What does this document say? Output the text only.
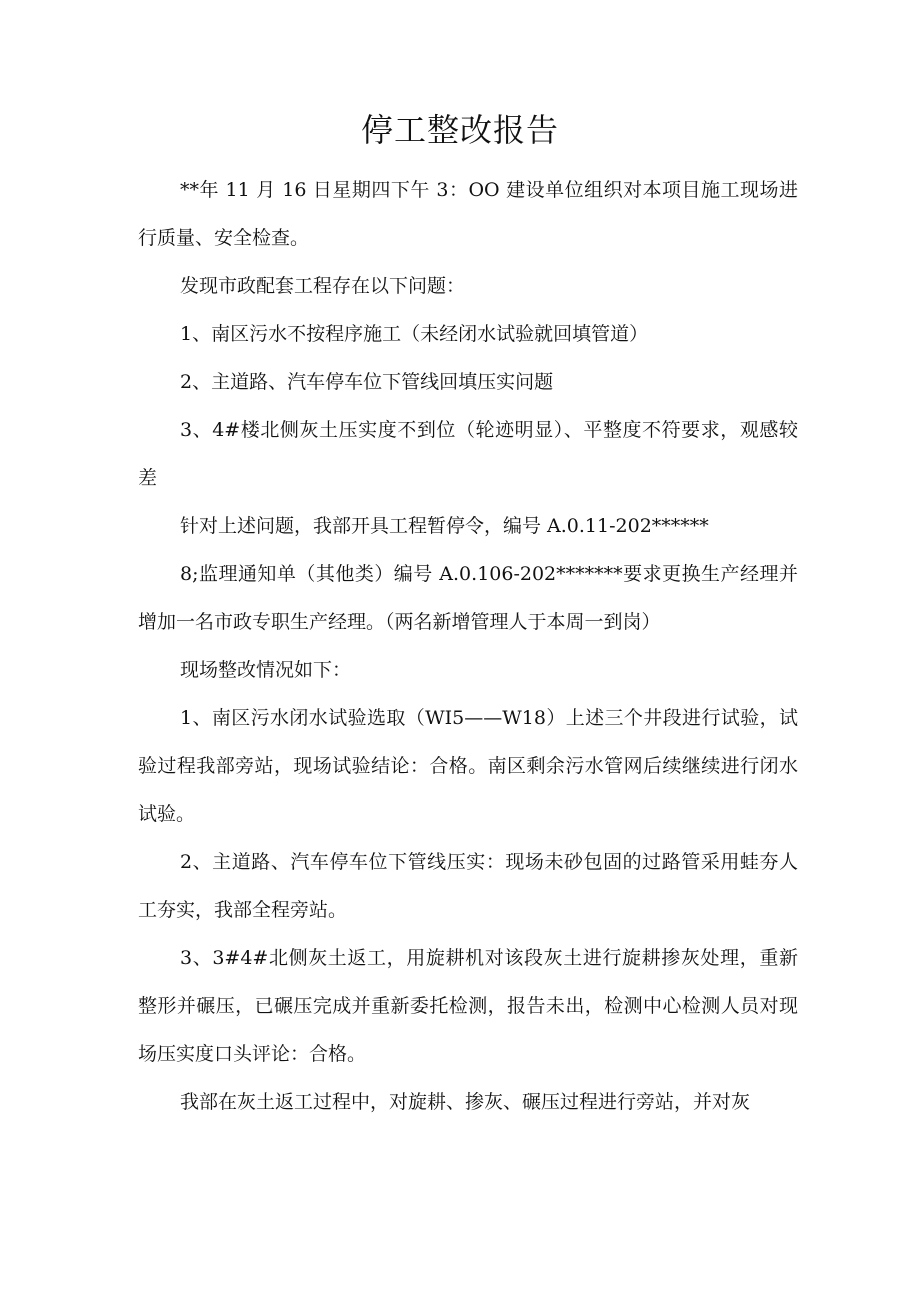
停工整改报告

**年 11 月 16 日星期四下午 3：OO 建设单位组织对本项目施工现场进行质量、安全检查。

发现市政配套工程存在以下问题：

1、南区污水不按程序施工（未经闭水试验就回填管道）

2、主道路、汽车停车位下管线回填压实问题

3、4#楼北侧灰土压实度不到位（轮迹明显）、平整度不符要求，观感较差

针对上述问题，我部开具工程暂停令，编号 A.0.11-202******

8;监理通知单（其他类）编号 A.0.106-202*******要求更换生产经理并增加一名市政专职生产经理。（两名新增管理人于本周一到岗）

现场整改情况如下：

1、南区污水闭水试验选取（WI5——W18）上述三个井段进行试验，试验过程我部旁站，现场试验结论：合格。南区剩余污水管网后续继续进行闭水试验。

2、主道路、汽车停车位下管线压实：现场未砂包固的过路管采用蛙夯人工夯实，我部全程旁站。

3、3#4#北侧灰土返工，用旋耕机对该段灰土进行旋耕掺灰处理，重新整形并碾压，已碾压完成并重新委托检测，报告未出，检测中心检测人员对现场压实度口头评论：合格。

我部在灰土返工过程中，对旋耕、掺灰、碾压过程进行旁站，并对灰
